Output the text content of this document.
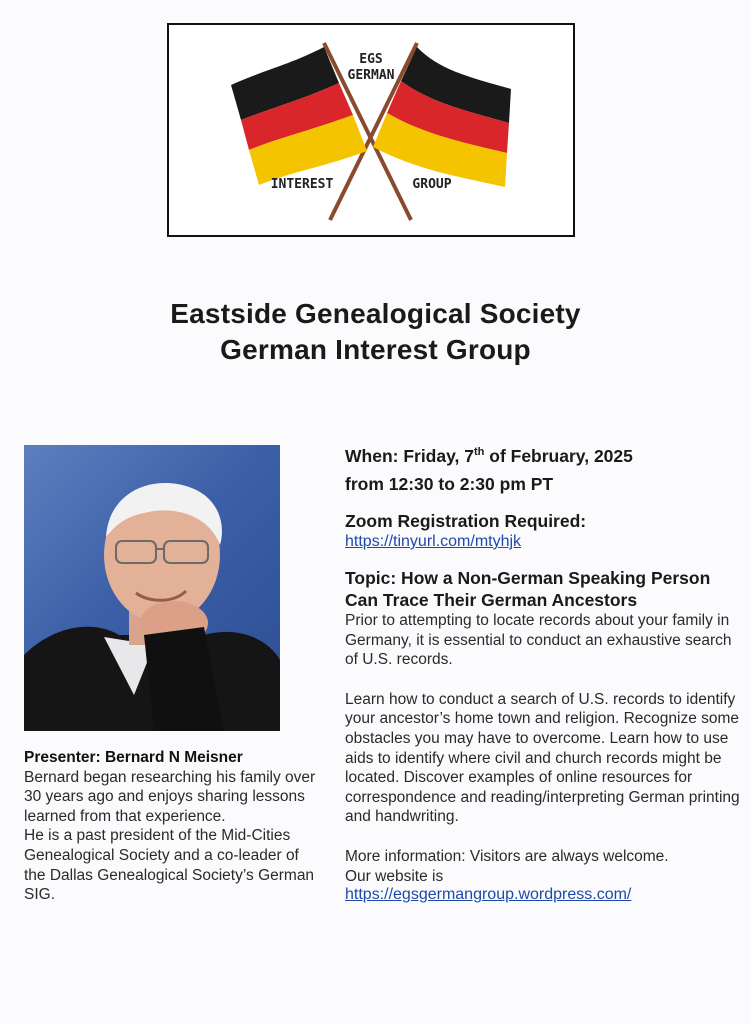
EGS
GERMAN
INTEREST	GROUP
Eastside Genealogical Society
German Interest Group
Presenter: Bernard N Meisner
Bernard began researching his family over 30 years ago and enjoys sharing lessons learned from that experience.
He is a past president of the Mid-Cities Genealogical Society and a co-leader of the Dallas Genealogical Society’s German SIG.
When: Friday, 7th of February, 2025
from 12:30 to 2:30 pm PT
Zoom Registration Required:
https://tinyurl.com/mtyhjk
Topic: How a Non-German Speaking Person Can Trace Their German Ancestors
Prior to attempting to locate records about your family in Germany, it is essential to conduct an exhaustive search of U.S. records.
Learn how to conduct a search of U.S. records to identify your ancestor’s home town and religion. Recognize some obstacles you may have to overcome. Learn how to use aids to identify where civil and church records might be located. Discover examples of online resources for correspondence and reading/interpreting German printing and handwriting.
More information: Visitors are always welcome.
Our website is
https://egsgermangroup.wordpress.com/
